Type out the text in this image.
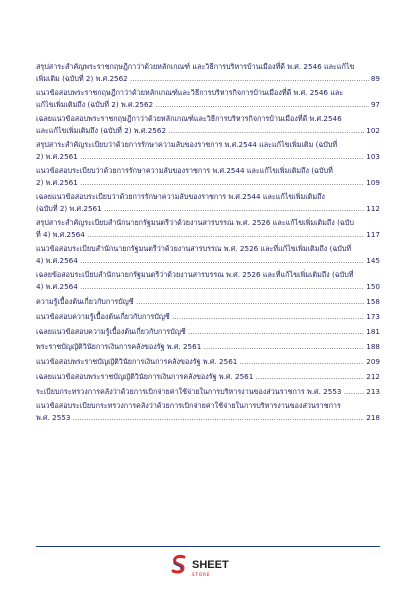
สรุปสาระสำคัญพระราชกฤษฎีกาว่าด้วยหลักเกณฑ์ และวิธีการบริหารบ้านเมืองที่ดี พ.ศ. 2546 และแก้ไข
เพิ่มเติม (ฉบับที่ 2) พ.ศ.2562 .....	89
แนวข้อสอบพระราชกฤษฎีกาว่าด้วยหลักเกณฑ์และวิธีการบริหารกิจการบ้านเมืองที่ดี พ.ศ. 2546 และ
แก้ไขเพิ่มเติมถึง (ฉบับที่ 2) พ.ศ.2562 .....	97
เฉลยแนวข้อสอบพระราชกฤษฎีกาว่าด้วยหลักเกณฑ์และวิธีการบริหารกิจการบ้านเมืองที่ดี พ.ศ.2546
และแก้ไขเพิ่มเติมถึง (ฉบับที่ 2) พ.ศ.2562 .....	102
สรุปสาระสำคัญระเบียบว่าด้วยการรักษาความลับของราชการ พ.ศ.2544 และแก้ไขเพิ่มเติม (ฉบับที่
2) พ.ศ.2561 .....	103
แนวข้อสอบระเบียบว่าด้วยการรักษาความลับของราชการ พ.ศ.2544 และแก้ไขเพิ่มเติมถึง (ฉบับที่
2) พ.ศ.2561 .....	109
เฉลยแนวข้อสอบระเบียบว่าด้วยการรักษาความลับของราชการ พ.ศ.2544 และแก้ไขเพิ่มเติมถึง
(ฉบับที่ 2) พ.ศ.2561 .....	112
สรุปสาระสำคัญระเบียบสำนักนายกรัฐมนตรีว่าด้วยงานสารบรรณ พ.ศ. 2526 และแก้ไขเพิ่มเติมถึง (ฉบับ
ที่ 4) พ.ศ.2564 .....	117
แนวข้อสอบระเบียบสำนักนายกรัฐมนตรีว่าด้วยงานสารบรรณ พ.ศ. 2526 และที่แก้ไขเพิ่มเติมถึง (ฉบับที่
4) พ.ศ.2564 .....	145
เฉลยข้อสอบระเบียบสำนักนายกรัฐมนตรีว่าด้วยงานสารบรรณ พ.ศ. 2526 และที่แก้ไขเพิ่มเติมถึง (ฉบับที่
4) พ.ศ.2564 .....	150
ความรู้เบื้องต้นเกี่ยวกับการบัญชี .....	158
แนวข้อสอบความรู้เบื้องต้นเกี่ยวกับการบัญชี .....	173
เฉลยแนวข้อสอบความรู้เบื้องต้นเกี่ยวกับการบัญชี .....	181
พระราชบัญญัติวินัยการเงินการคลังของรัฐ พ.ศ. 2561 .....	188
แนวข้อสอบพระราชบัญญัติวินัยการเงินการคลังของรัฐ พ.ศ. 2561 .....	209
เฉลยแนวข้อสอบพระราชบัญญัติวินัยการเงินการคลังของรัฐ พ.ศ. 2561 .....	212
ระเบียบกระทรวงการคลังว่าด้วยการเบิกจ่ายค่าใช้จ่ายในการบริหารงานของส่วนราชการ พ.ศ. 2553 .....	213
แนวข้อสอบระเบียบกระทรวงการคลังว่าด้วยการเบิกจ่ายค่าใช้จ่ายในการบริหารงานของส่วนราชการ
พ.ศ. 2553 .....	218
SHEET
STORE
